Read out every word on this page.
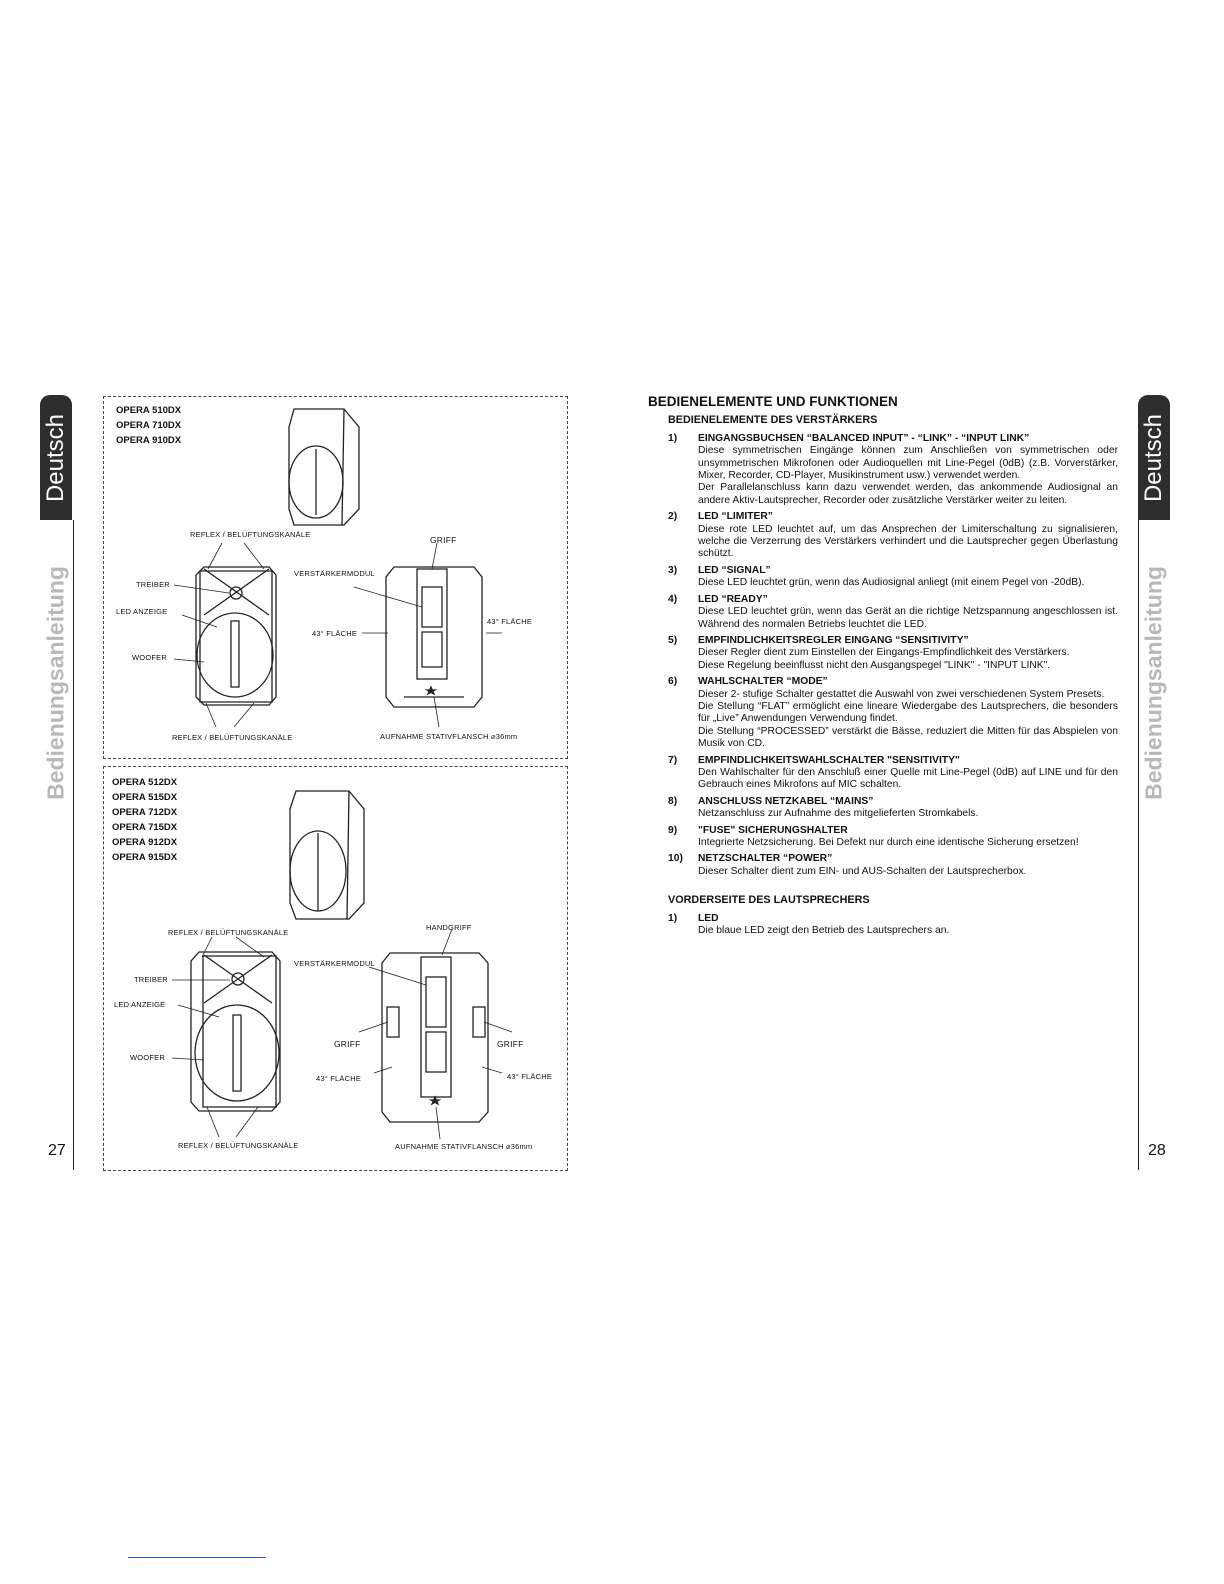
Deutsch
Bedienungsanleitung
27
Deutsch
Bedienungsanleitung
28
OPERA 510DX
OPERA 710DX
OPERA 910DX
REFLEX / BELÜFTUNGSKANÄLE
TREIBER
LED ANZEIGE
WOOFER
REFLEX / BELÜFTUNGSKANÄLE
GRIFF
VERSTÄRKERMODUL
43° FLÄCHE
43° FLÄCHE
AUFNAHME STATIVFLANSCH ⌀36mm
OPERA 512DX
OPERA 515DX
OPERA 712DX
OPERA 715DX
OPERA 912DX
OPERA 915DX
REFLEX / BELÜFTUNGSKANÄLE
HANDGRIFF
VERSTÄRKERMODUL
TREIBER
LED ANZEIGE
WOOFER
GRIFF	GRIFF
43° FLÄCHE	43° FLÄCHE
REFLEX / BELÜFTUNGSKANÄLE	AUFNAHME STATIVFLANSCH ⌀36mm
BEDIENELEMENTE UND FUNKTIONEN
BEDIENELEMENTE DES VERSTÄRKERS
1)	EINGANGSBUCHSEN “BALANCED INPUT” - “LINK” - “INPUT LINK”

Diese symmetrischen Eingänge können zum Anschließen von symmetrischen oder unsymmetrischen Mikrofonen oder Audioquellen mit Line-Pegel (0dB) (z.B. Vorverstärker, Mixer, Recorder, CD-Player, Musikinstrument usw.) verwendet werden.

Der Parallelanschluss kann dazu verwendet werden, das ankommende Audiosignal an andere Aktiv-Lautsprecher, Recorder oder zusätzliche Verstärker weiter zu leiten.

2)	LED “LIMITER”

Diese rote LED leuchtet auf, um das Ansprechen der Limiterschaltung zu signalisieren, welche die Verzerrung des Verstärkers verhindert und die Lautsprecher gegen Überlastung schützt.

3)	LED “SIGNAL”

Diese LED leuchtet grün, wenn das Audiosignal anliegt (mit einem Pegel von -20dB).

4)	LED “READY”

Diese LED leuchtet grün, wenn das Gerät an die richtige Netzspannung angeschlossen ist. Während des normalen Betriebs leuchtet die LED.

5)	EMPFINDLICHKEITSREGLER EINGANG “SENSITIVITY”

Dieser Regler dient zum Einstellen der Eingangs-Empfindlichkeit des Verstärkers.

Diese Regelung beeinflusst nicht den Ausgangspegel "LINK" - "INPUT LINK".

6)	WAHLSCHALTER “MODE”

Dieser 2- stufige Schalter gestattet die Auswahl von zwei verschiedenen System Presets.

Die Stellung “FLAT” ermöglicht eine lineare Wiedergabe des Lautsprechers, die besonders für „Live” Anwendungen Verwendung findet.

Die Stellung “PROCESSED” verstärkt die Bässe, reduziert die Mitten für das Abspielen von Musik von CD.

7)	EMPFINDLICHKEITSWAHLSCHALTER "SENSITIVITY"

Den Wahlschalter für den Anschluß einer Quelle mit Line-Pegel (0dB) auf LINE und für den Gebrauch eines Mikrofons auf MIC schalten.

8)	ANSCHLUSS NETZKABEL “MAINS”

Netzanschluss zur Aufnahme des mitgelieferten Stromkabels.

9)	"FUSE" SICHERUNGSHALTER

Integrierte Netzsicherung. Bei Defekt nur durch eine identische Sicherung ersetzen!

10)	NETZSCHALTER “POWER”

Dieser Schalter dient zum EIN- und AUS-Schalten der Lautsprecherbox.

VORDERSEITE DES LAUTSPRECHERS
1)	LED

Die blaue LED zeigt den Betrieb des Lautsprechers an.
